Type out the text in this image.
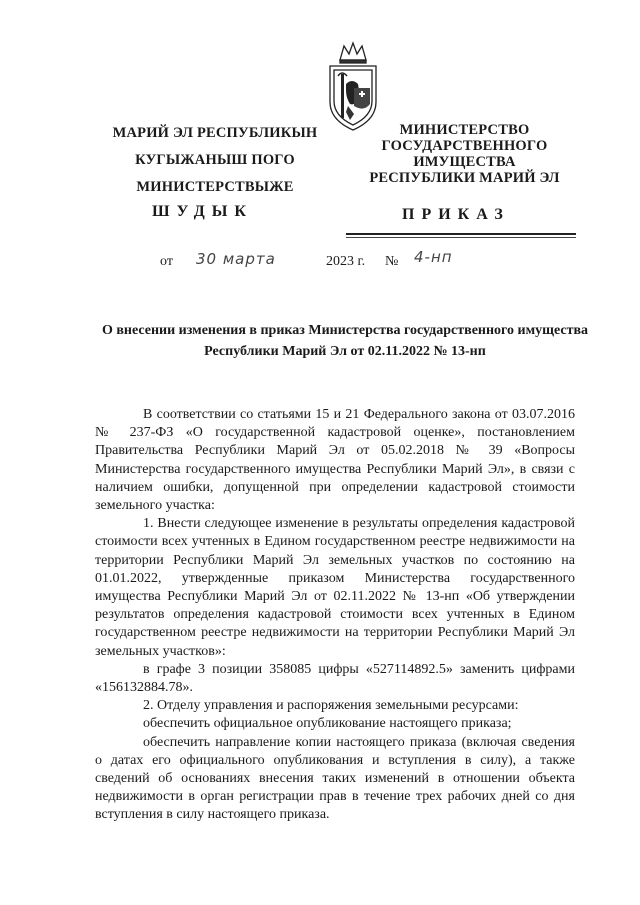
МАРИЙ ЭЛ РЕСПУБЛИКЫН
КУГЫЖАНЫШ ПОГО
МИНИСТЕРСТВЫЖЕ
МИНИСТЕРСТВО
ГОСУДАРСТВЕННОГО
ИМУЩЕСТВА
РЕСПУБЛИКИ МАРИЙ ЭЛ
ШУДЫК	ПРИКАЗ
от 30 марта	2023 г. № 4-нп
О внесении изменения в приказ Министерства государственного имущества Республики Марий Эл от 02.11.2022 № 13-нп

В соответствии со статьями 15 и 21 Федерального закона от 03.07.2016 № 237-ФЗ «О государственной кадастровой оценке», постановлением Правительства Республики Марий Эл от 05.02.2018 № 39 «Вопросы Министерства государственного имущества Республики Марий Эл», в связи с наличием ошибки, допущенной при определении кадастровой стоимости земельного участка:

1. Внести следующее изменение в результаты определения кадастровой стоимости всех учтенных в Едином государственном реестре недвижимости на территории Республики Марий Эл земельных участков по состоянию на 01.01.2022, утвержденные приказом Министерства государственного имущества Республики Марий Эл от 02.11.2022 № 13-нп «Об утверждении результатов определения кадастровой стоимости всех учтенных в Едином государственном реестре недвижимости на территории Республики Марий Эл земельных участков»:

в графе 3 позиции 358085 цифры «527114892.5» заменить цифрами «156132884.78».

2. Отделу управления и распоряжения земельными ресурсами:

обеспечить официальное опубликование настоящего приказа;

обеспечить направление копии настоящего приказа (включая сведения о датах его официального опубликования и вступления в силу), а также сведений об основаниях внесения таких изменений в отношении объекта недвижимости в орган регистрации прав в течение трех рабочих дней со дня вступления в силу настоящего приказа.
